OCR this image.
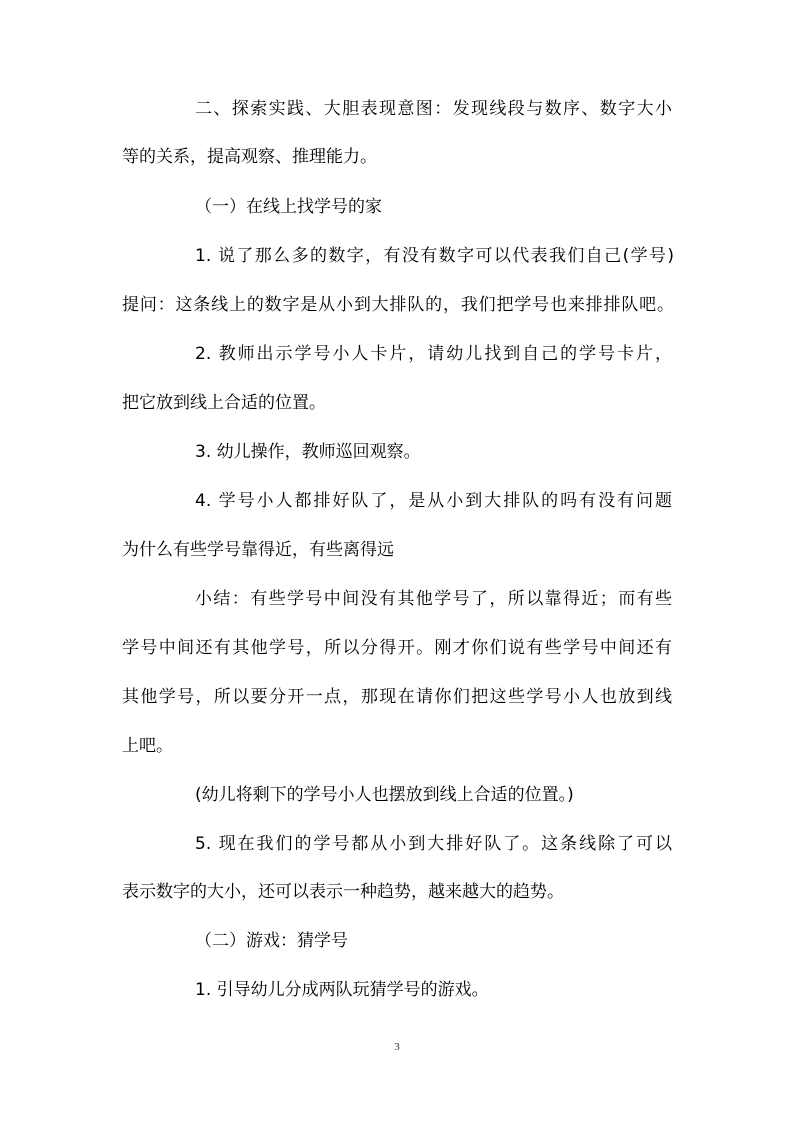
二、探索实践、大胆表现意图：发现线段与数序、数字大小
等的关系，提高观察、推理能力。
（一）在线上找学号的家
1. 说了那么多的数字，有没有数字可以代表我们自己(学号)
提问：这条线上的数字是从小到大排队的，我们把学号也来排排队吧。
2. 教师出示学号小人卡片，请幼儿找到自己的学号卡片，
把它放到线上合适的位置。
3. 幼儿操作，教师巡回观察。
4. 学号小人都排好队了，是从小到大排队的吗有没有问题
为什么有些学号靠得近，有些离得远
小结：有些学号中间没有其他学号了，所以靠得近；而有些
学号中间还有其他学号，所以分得开。刚才你们说有些学号中间还有
其他学号，所以要分开一点，那现在请你们把这些学号小人也放到线
上吧。
(幼儿将剩下的学号小人也摆放到线上合适的位置。)
5. 现在我们的学号都从小到大排好队了。这条线除了可以
表示数字的大小，还可以表示一种趋势，越来越大的趋势。
（二）游戏：猜学号
1. 引导幼儿分成两队玩猜学号的游戏。
3
